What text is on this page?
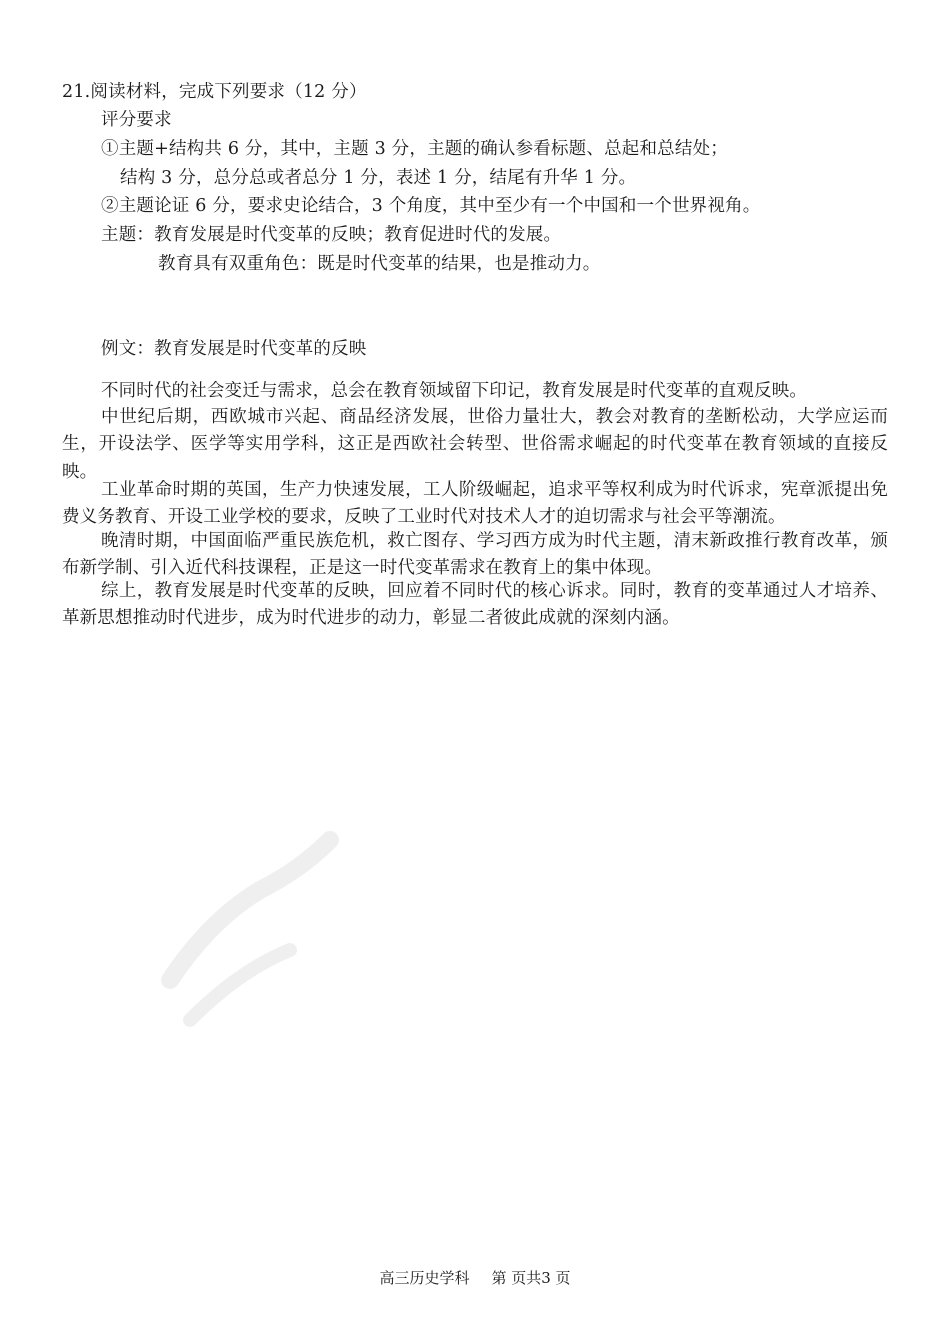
21.阅读材料，完成下列要求（12 分）
评分要求
①主题+结构共 6 分，其中，主题 3 分，主题的确认参看标题、总起和总结处；
结构 3 分，总分总或者总分 1 分，表述 1 分，结尾有升华 1 分。
②主题论证 6 分，要求史论结合，3 个角度，其中至少有一个中国和一个世界视角。
主题：教育发展是时代变革的反映；教育促进时代的发展。
教育具有双重角色：既是时代变革的结果，也是推动力。
例文：教育发展是时代变革的反映

不同时代的社会变迁与需求，总会在教育领域留下印记，教育发展是时代变革的直观反映。

中世纪后期，西欧城市兴起、商品经济发展，世俗力量壮大，教会对教育的垄断松动，大学应运而生，开设法学、医学等实用学科，这正是西欧社会转型、世俗需求崛起的时代变革在教育领域的直接反映。

工业革命时期的英国，生产力快速发展，工人阶级崛起，追求平等权利成为时代诉求，宪章派提出免费义务教育、开设工业学校的要求，反映了工业时代对技术人才的迫切需求与社会平等潮流。

晚清时期，中国面临严重民族危机，救亡图存、学习西方成为时代主题，清末新政推行教育改革，颁布新学制、引入近代科技课程，正是这一时代变革需求在教育上的集中体现。

综上，教育发展是时代变革的反映，回应着不同时代的核心诉求。同时，教育的变革通过人才培养、革新思想推动时代进步，成为时代进步的动力，彰显二者彼此成就的深刻内涵。

高三历史学科 第 页共3 页
